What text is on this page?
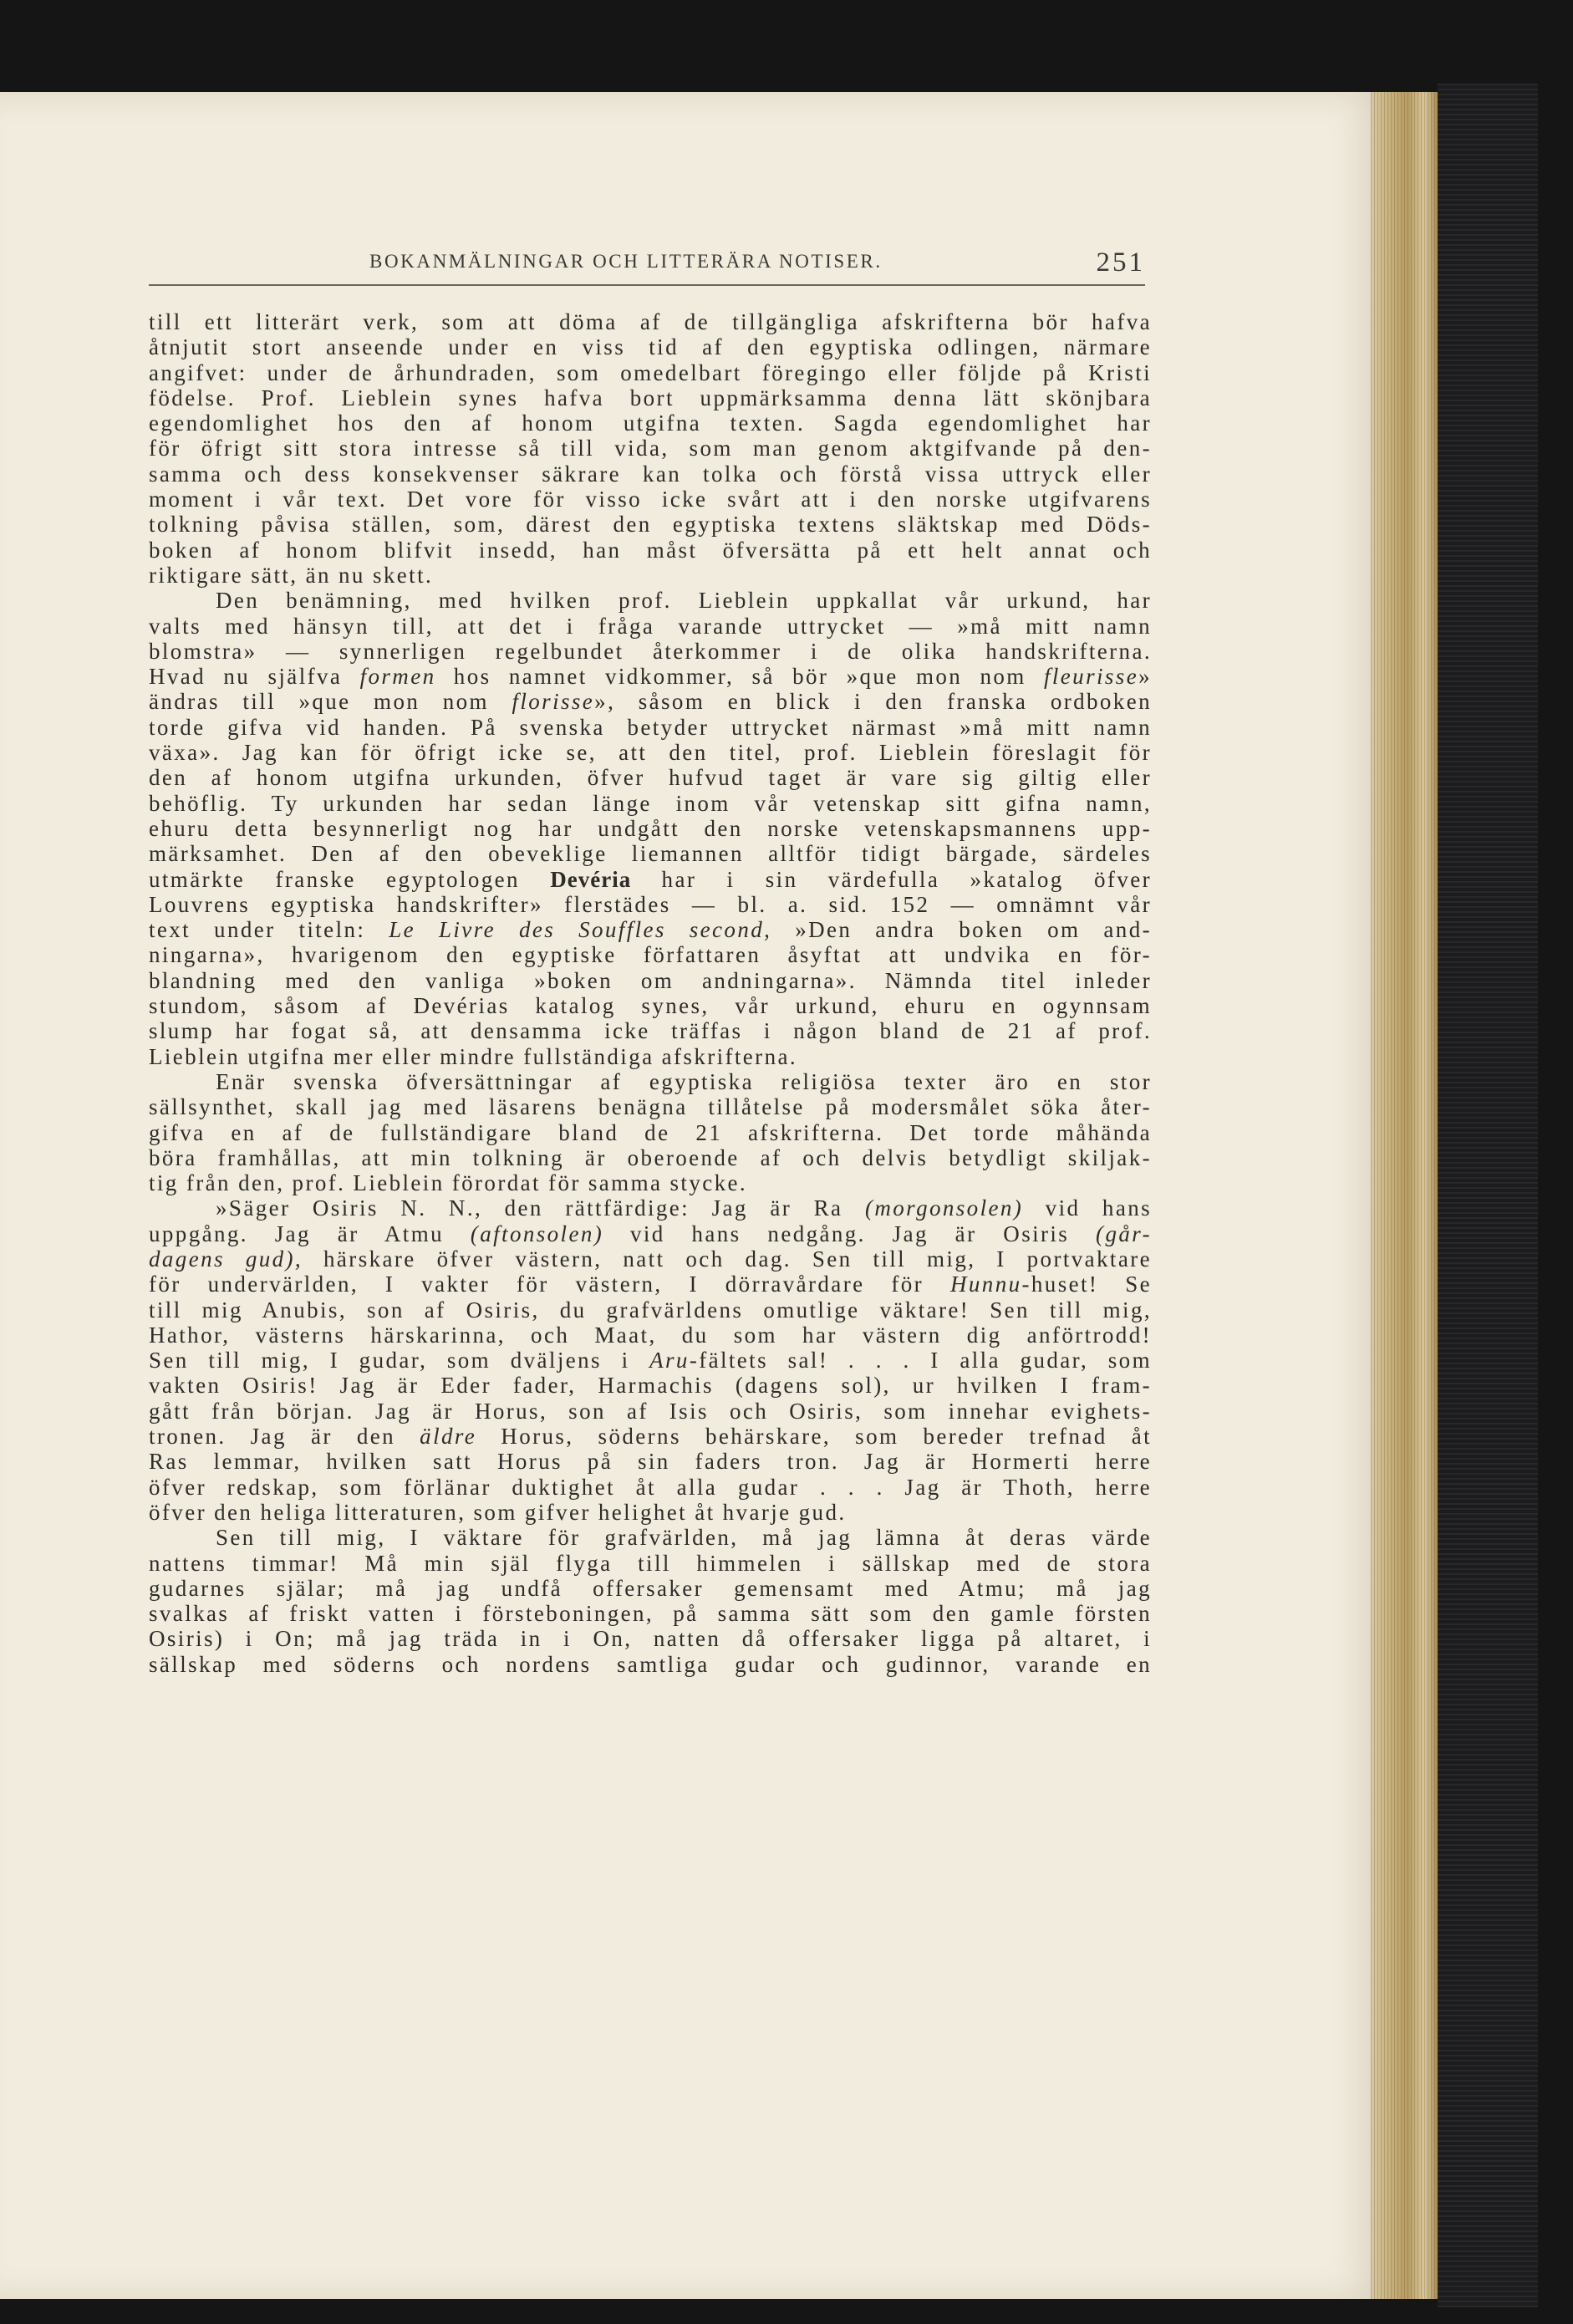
BOKANMÄLNINGAR OCH LITTERÄRA NOTISER.	251
till ett litterärt verk, som att döma af de tillgängliga afskrifterna bör hafva
åtnjutit stort anseende under en viss tid af den egyptiska odlingen, närmare
angifvet: under de århundraden, som omedelbart föregingo eller följde på Kristi
födelse. Prof. Lieblein synes hafva bort uppmärksamma denna lätt skönjbara
egendomlighet hos den af honom utgifna texten. Sagda egendomlighet har
för öfrigt sitt stora intresse så till vida, som man genom aktgifvande på den-
samma och dess konsekvenser säkrare kan tolka och förstå vissa uttryck eller
moment i vår text. Det vore för visso icke svårt att i den norske utgifvarens
tolkning påvisa ställen, som, därest den egyptiska textens släktskap med Döds-
boken af honom blifvit insedd, han måst öfversätta på ett helt annat och
riktigare sätt, än nu skett.
Den benämning, med hvilken prof. Lieblein uppkallat vår urkund, har
valts med hänsyn till, att det i fråga varande uttrycket — »må mitt namn
blomstra» — synnerligen regelbundet återkommer i de olika handskrifterna.
Hvad nu själfva formen hos namnet vidkommer, så bör »que mon nom fleurisse»
ändras till »que mon nom florisse», såsom en blick i den franska ordboken
torde gifva vid handen. På svenska betyder uttrycket närmast »må mitt namn
växa». Jag kan för öfrigt icke se, att den titel, prof. Lieblein föreslagit för
den af honom utgifna urkunden, öfver hufvud taget är vare sig giltig eller
behöflig. Ty urkunden har sedan länge inom vår vetenskap sitt gifna namn,
ehuru detta besynnerligt nog har undgått den norske vetenskapsmannens upp-
märksamhet. Den af den obeveklige liemannen alltför tidigt bärgade, särdeles
utmärkte franske egyptologen Devéria har i sin värdefulla »katalog öfver
Louvrens egyptiska handskrifter» flerstädes — bl. a. sid. 152 — omnämnt vår
text under titeln: Le Livre des Souffles second, »Den andra boken om and-
ningarna», hvarigenom den egyptiske författaren åsyftat att undvika en för-
blandning med den vanliga »boken om andningarna». Nämnda titel inleder
stundom, såsom af Devérias katalog synes, vår urkund, ehuru en ogynnsam
slump har fogat så, att densamma icke träffas i någon bland de 21 af prof.
Lieblein utgifna mer eller mindre fullständiga afskrifterna.
Enär svenska öfversättningar af egyptiska religiösa texter äro en stor
sällsynthet, skall jag med läsarens benägna tillåtelse på modersmålet söka åter-
gifva en af de fullständigare bland de 21 afskrifterna. Det torde måhända
böra framhållas, att min tolkning är oberoende af och delvis betydligt skiljak-
tig från den, prof. Lieblein förordat för samma stycke.
»Säger Osiris N. N., den rättfärdige: Jag är Ra (morgonsolen) vid hans
uppgång. Jag är Atmu (aftonsolen) vid hans nedgång. Jag är Osiris (går-
dagens gud), härskare öfver västern, natt och dag. Sen till mig, I portvaktare
för undervärlden, I vakter för västern, I dörravårdare för Hunnu-huset! Se
till mig Anubis, son af Osiris, du grafvärldens omutlige väktare! Sen till mig,
Hathor, västerns härskarinna, och Maat, du som har västern dig anförtrodd!
Sen till mig, I gudar, som dväljens i Aru-fältets sal! . . . I alla gudar, som
vakten Osiris! Jag är Eder fader, Harmachis (dagens sol), ur hvilken I fram-
gått från början. Jag är Horus, son af Isis och Osiris, som innehar evighets-
tronen. Jag är den äldre Horus, söderns behärskare, som bereder trefnad åt
Ras lemmar, hvilken satt Horus på sin faders tron. Jag är Hormerti herre
öfver redskap, som förlänar duktighet åt alla gudar . . . Jag är Thoth, herre
öfver den heliga litteraturen, som gifver helighet åt hvarje gud.
Sen till mig, I väktare för grafvärlden, må jag lämna åt deras värde
nattens timmar! Må min själ flyga till himmelen i sällskap med de stora
gudarnes själar; må jag undfå offersaker gemensamt med Atmu; må jag
svalkas af friskt vatten i försteboningen, på samma sätt som den gamle försten
Osiris) i On; må jag träda in i On, natten då offersaker ligga på altaret, i
sällskap med söderns och nordens samtliga gudar och gudinnor, varande en
